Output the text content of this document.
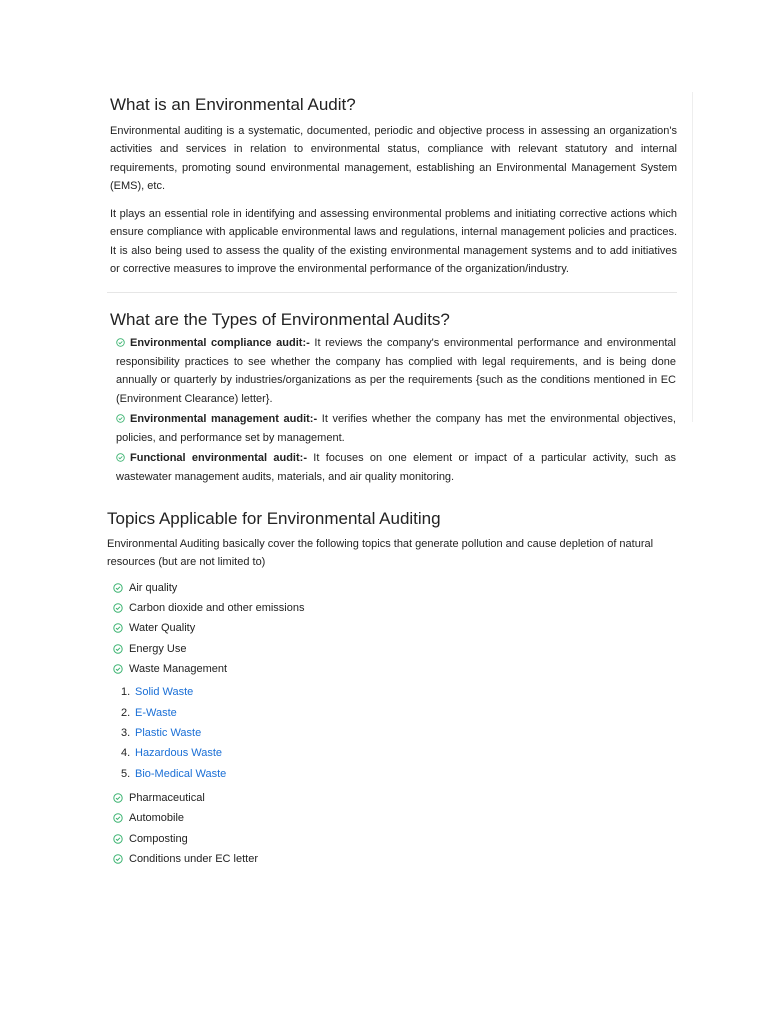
What is an Environmental Audit?

Environmental auditing is a systematic, documented, periodic and objective process in assessing an organization's activities and services in relation to environmental status, compliance with relevant statutory and internal requirements, promoting sound environmental management, establishing an Environmental Management System (EMS), etc.

It plays an essential role in identifying and assessing environmental problems and initiating corrective actions which ensure compliance with applicable environmental laws and regulations, internal management policies and practices. It is also being used to assess the quality of the existing environmental management systems and to add initiatives or corrective measures to improve the environmental performance of the organization/industry.

What are the Types of Environmental Audits?
Environmental compliance audit:- It reviews the company's environmental performance and environmental responsibility practices to see whether the company has complied with legal requirements, and is being done annually or quarterly by industries/organizations as per the requirements {such as the conditions mentioned in EC (Environment Clearance) letter}.
Environmental management audit:- It verifies whether the company has met the environmental objectives, policies, and performance set by management.
Functional environmental audit:- It focuses on one element or impact of a particular activity, such as wastewater management audits, materials, and air quality monitoring.
Topics Applicable for Environmental Auditing

Environmental Auditing basically cover the following topics that generate pollution and cause depletion of natural resources (but are not limited to)

Air quality
Carbon dioxide and other emissions
Water Quality
Energy Use
Waste Management
1. Solid Waste
2. E-Waste
3. Plastic Waste
4. Hazardous Waste
5. Bio-Medical Waste
Pharmaceutical
Automobile
Composting
Conditions under EC letter
